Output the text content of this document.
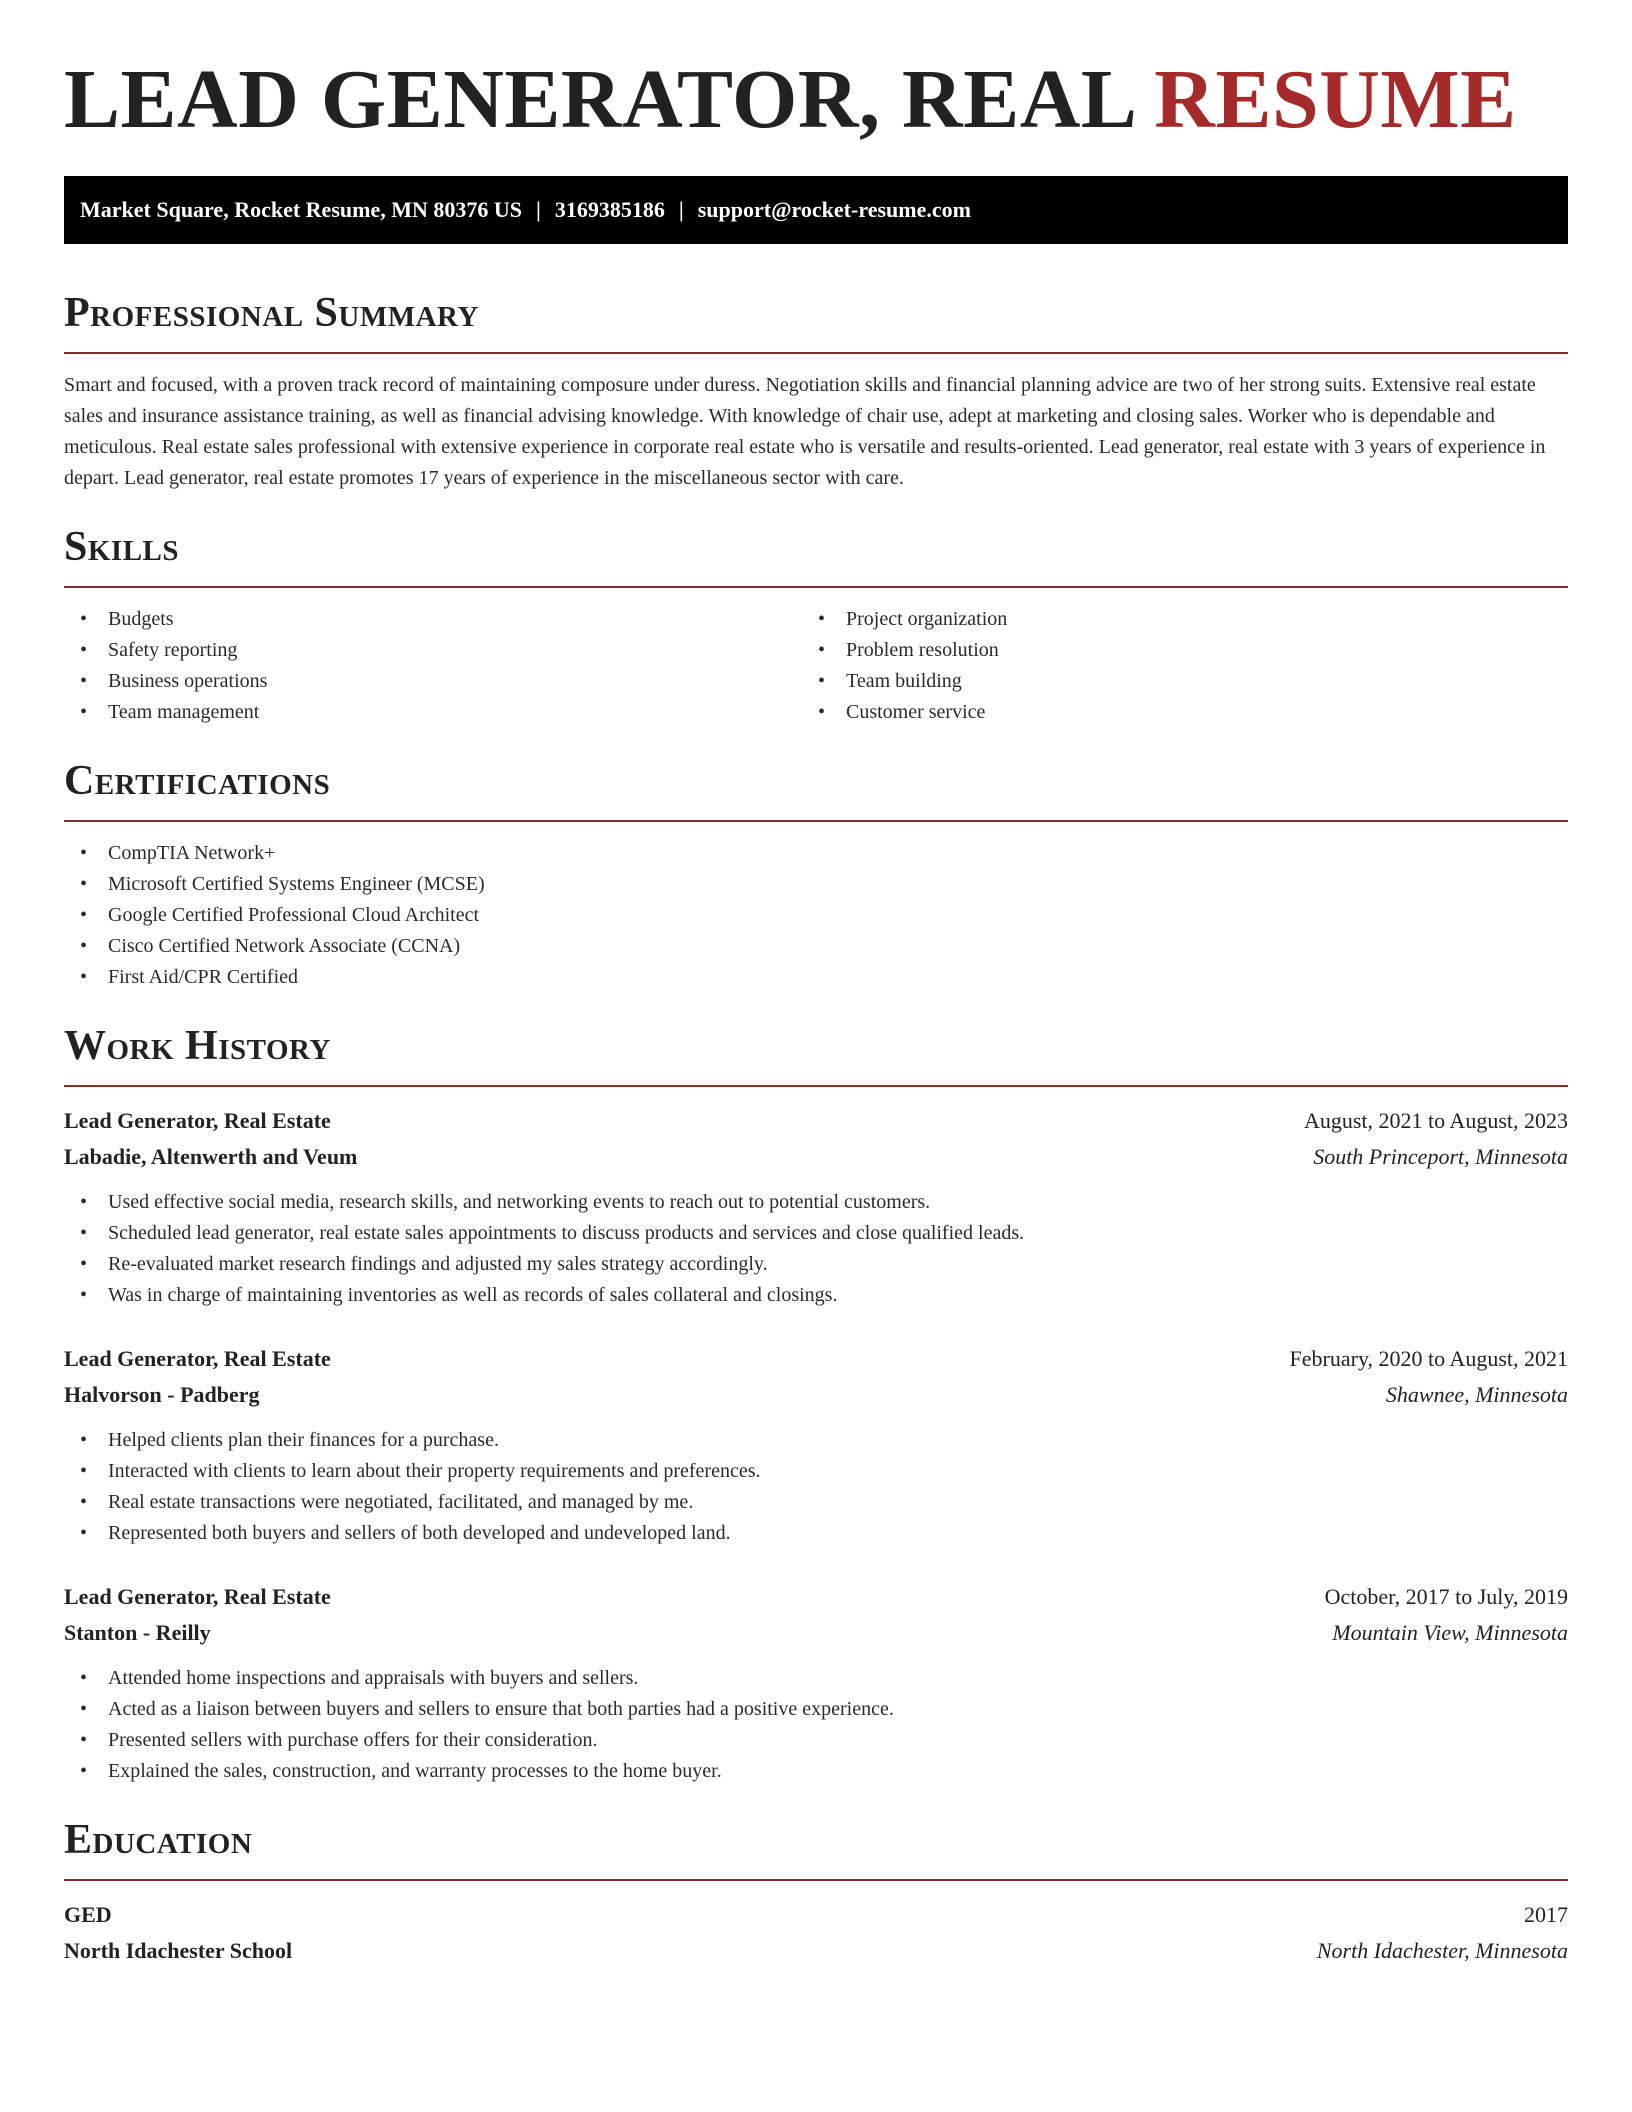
LEAD GENERATOR, REAL RESUME
Market Square, Rocket Resume, MN 80376 US | 3169385186 | support@rocket-resume.com
Professional Summary

Smart and focused, with a proven track record of maintaining composure under duress. Negotiation skills and financial planning advice are two of her strong suits. Extensive real estate sales and insurance assistance training, as well as financial advising knowledge. With knowledge of chair use, adept at marketing and closing sales. Worker who is dependable and meticulous. Real estate sales professional with extensive experience in corporate real estate who is versatile and results-oriented. Lead generator, real estate with 3 years of experience in depart. Lead generator, real estate promotes 17 years of experience in the miscellaneous sector with care.

Skills
• Budgets
• Safety reporting
• Business operations
• Team management
• Project organization
• Problem resolution
• Team building
• Customer service
Certifications
• CompTIA Network+
• Microsoft Certified Systems Engineer (MCSE)
• Google Certified Professional Cloud Architect
• Cisco Certified Network Associate (CCNA)
• First Aid/CPR Certified
Work History
Lead Generator, Real Estate	August, 2021 to August, 2023
Labadie, Altenwerth and Veum	South Princeport, Minnesota
• Used effective social media, research skills, and networking events to reach out to potential customers.
• Scheduled lead generator, real estate sales appointments to discuss products and services and close qualified leads.
• Re-evaluated market research findings and adjusted my sales strategy accordingly.
• Was in charge of maintaining inventories as well as records of sales collateral and closings.
Lead Generator, Real Estate	February, 2020 to August, 2021
Halvorson - Padberg	Shawnee, Minnesota
• Helped clients plan their finances for a purchase.
• Interacted with clients to learn about their property requirements and preferences.
• Real estate transactions were negotiated, facilitated, and managed by me.
• Represented both buyers and sellers of both developed and undeveloped land.
Lead Generator, Real Estate	October, 2017 to July, 2019
Stanton - Reilly	Mountain View, Minnesota
• Attended home inspections and appraisals with buyers and sellers.
• Acted as a liaison between buyers and sellers to ensure that both parties had a positive experience.
• Presented sellers with purchase offers for their consideration.
• Explained the sales, construction, and warranty processes to the home buyer.
Education
GED	2017
North Idachester School	North Idachester, Minnesota
